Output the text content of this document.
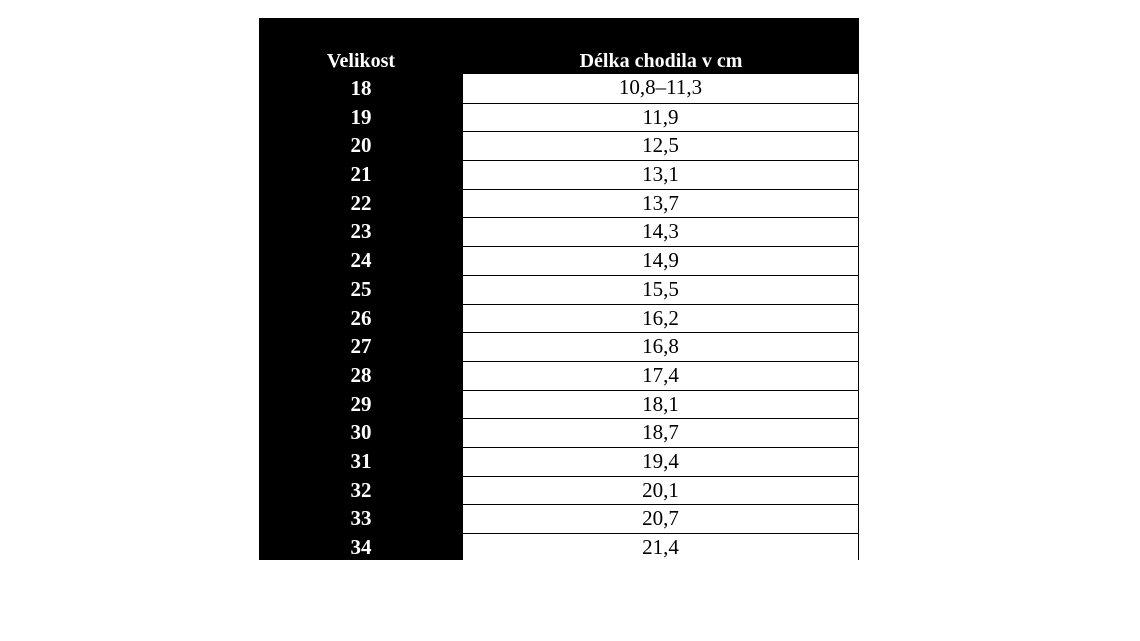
Velikost	Délka chodila v cm
18	10,8–11,3
19	11,9
20	12,5
21	13,1
22	13,7
23	14,3
24	14,9
25	15,5
26	16,2
27	16,8
28	17,4
29	18,1
30	18,7
31	19,4
32	20,1
33	20,7
34	21,4
